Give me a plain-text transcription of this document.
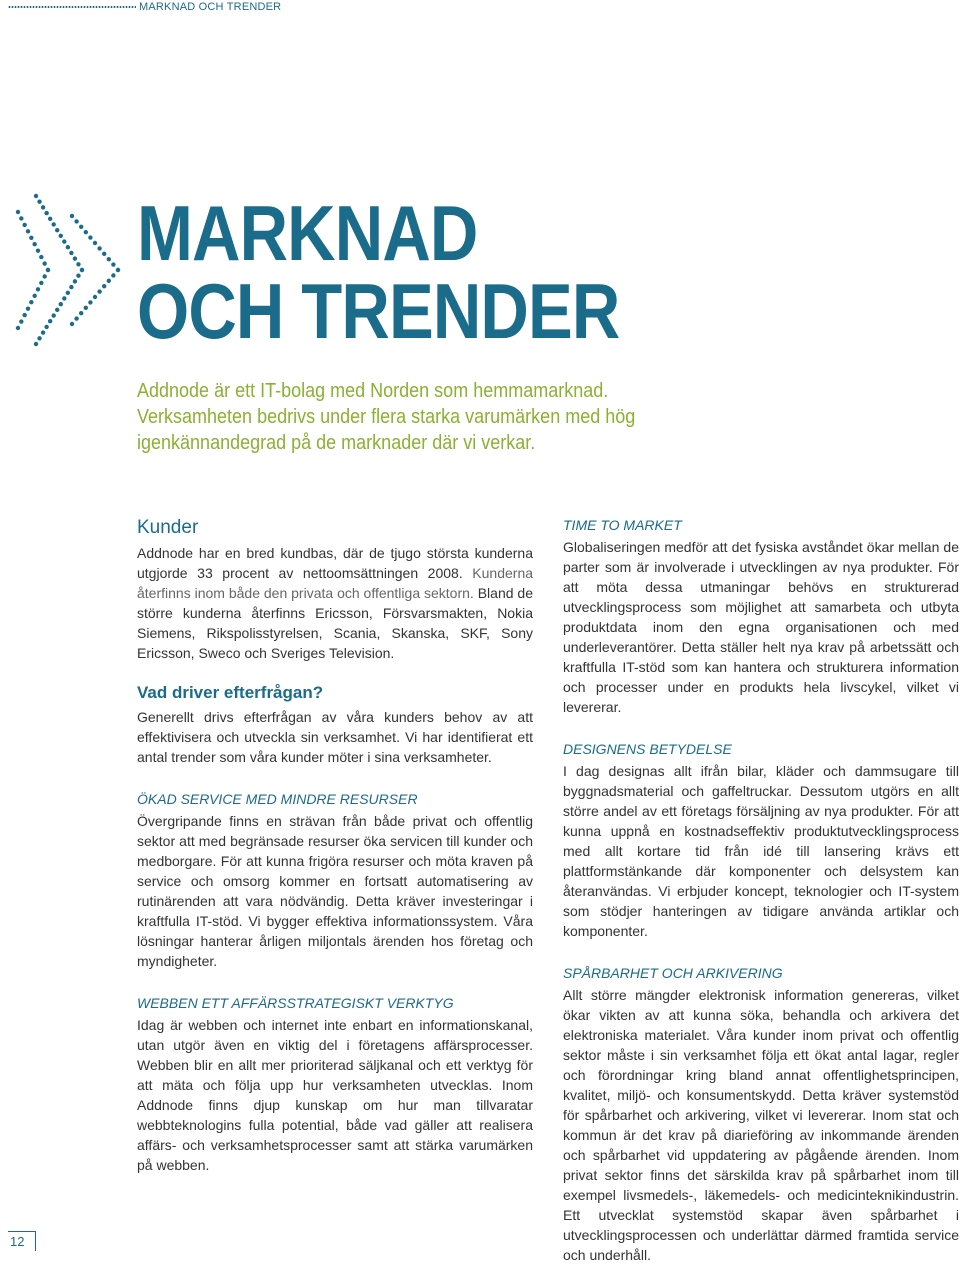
MARKNAD OCH TRENDER
MARKNAD
OCH TRENDER
Addnode är ett IT-bolag med Norden som hemmamarknad. Verksamheten bedrivs under flera starka varumärken med hög igenkännandegrad på de marknader där vi verkar.
Kunder

Addnode har en bred kundbas, där de tjugo största kunderna utgjorde 33 procent av nettoomsättningen 2008. Kunderna återfinns inom både den privata och offentliga sektorn. Bland de större kunderna återfinns Ericsson, Försvarsmakten, Nokia Siemens, Rikspolisstyrelsen, Scania, Skanska, SKF, Sony Ericsson, Sweco och Sveriges Television.

Vad driver efterfrågan?

Generellt drivs efterfrågan av våra kunders behov av att effektivisera och utveckla sin verksamhet. Vi har identifierat ett antal trender som våra kunder möter i sina verksamheter.

ÖKAD SERVICE MED MINDRE RESURSER

Övergripande finns en strävan från både privat och offentlig sektor att med begränsade resurser öka servicen till kunder och medborgare. För att kunna frigöra resurser och möta kraven på service och omsorg kommer en fortsatt automatisering av rutinärenden att vara nödvändig. Detta kräver investeringar i kraftfulla IT-stöd. Vi bygger effektiva informationssystem. Våra lösningar hanterar årligen miljontals ärenden hos företag och myndigheter.

WEBBEN ETT AFFÄRSSTRATEGISKT VERKTYG

Idag är webben och internet inte enbart en informationskanal, utan utgör även en viktig del i företagens affärsprocesser. Webben blir en allt mer prioriterad säljkanal och ett verktyg för att mäta och följa upp hur verksamheten utvecklas. Inom Addnode finns djup kunskap om hur man tillvaratar webbteknologins fulla potential, både vad gäller att realisera affärs- och verksamhetsprocesser samt att stärka varumärken på webben.

TIME TO MARKET

Globaliseringen medför att det fysiska avståndet ökar mellan de parter som är involverade i utvecklingen av nya produkter. För att möta dessa utmaningar behövs en strukturerad utvecklingsprocess som möjlighet att samarbeta och utbyta produktdata inom den egna organisationen och med underleverantörer. Detta ställer helt nya krav på arbetssätt och kraftfulla IT-stöd som kan hantera och strukturera information och processer under en produkts hela livscykel, vilket vi levererar.

DESIGNENS BETYDELSE

I dag designas allt ifrån bilar, kläder och dammsugare till byggnadsmaterial och gaffeltruckar. Dessutom utgörs en allt större andel av ett företags försäljning av nya produkter. För att kunna uppnå en kostnadseffektiv produktutvecklingsprocess med allt kortare tid från idé till lansering krävs ett plattformstänkande där komponenter och delsystem kan återanvändas. Vi erbjuder koncept, teknologier och IT-system som stödjer hanteringen av tidigare använda artiklar och komponenter.

SPÅRBARHET OCH ARKIVERING

Allt större mängder elektronisk information genereras, vilket ökar vikten av att kunna söka, behandla och arkivera det elektroniska materialet. Våra kunder inom privat och offentlig sektor måste i sin verksamhet följa ett ökat antal lagar, regler och förordningar kring bland annat offentlighetsprincipen, kvalitet, miljö- och konsumentskydd. Detta kräver systemstöd för spårbarhet och arkivering, vilket vi levererar. Inom stat och kommun är det krav på diarieföring av inkommande ärenden och spårbarhet vid uppdatering av pågående ärenden. Inom privat sektor finns det särskilda krav på spårbarhet inom till exempel livsmedels-, läkemedels- och medicinteknikindustrin. Ett utvecklat systemstöd skapar även spårbarhet i utvecklingsprocessen och underlättar därmed framtida service och underhåll.

12
